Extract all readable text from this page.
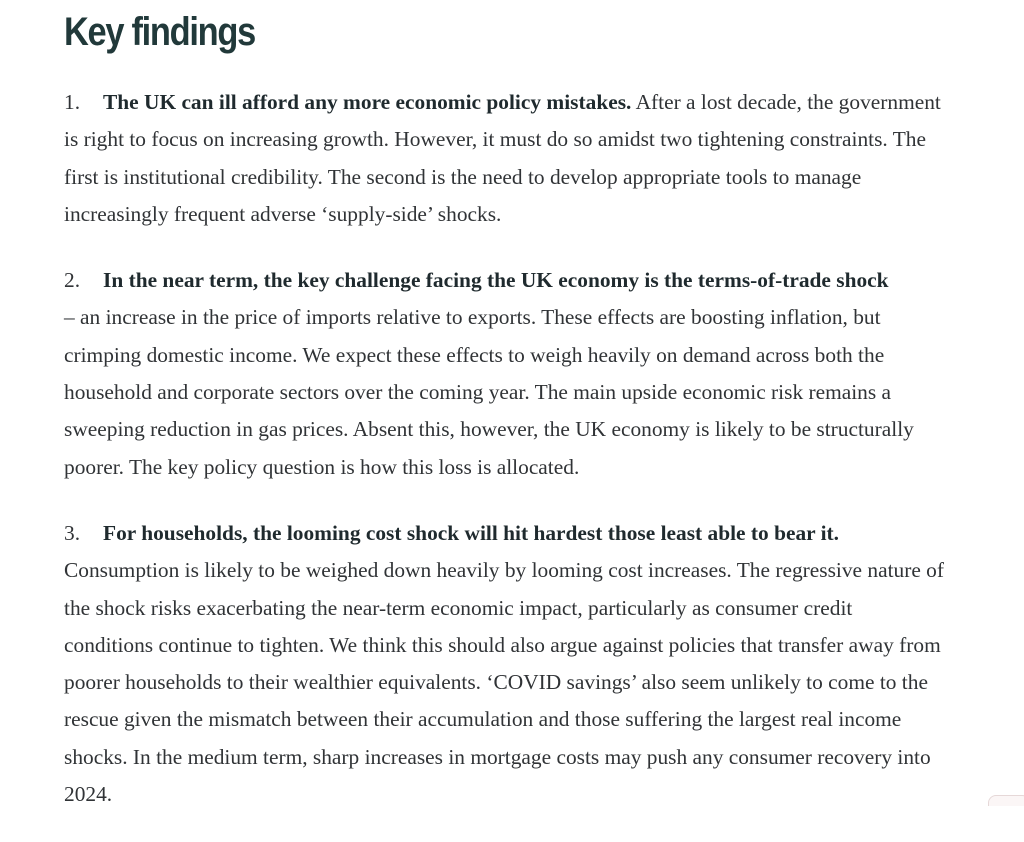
Key findings
1. The UK can ill afford any more economic policy mistakes. After a lost decade, the government is right to focus on increasing growth. However, it must do so amidst two tightening constraints. The first is institutional credibility. The second is the need to develop appropriate tools to manage increasingly frequent adverse ‘supply-side’ shocks.
2. In the near term, the key challenge facing the UK economy is the terms-of-trade shock
– an increase in the price of imports relative to exports. These effects are boosting inflation, but crimping domestic income. We expect these effects to weigh heavily on demand across both the household and corporate sectors over the coming year. The main upside economic risk remains a sweeping reduction in gas prices. Absent this, however, the UK economy is likely to be structurally poorer. The key policy question is how this loss is allocated.
3. For households, the looming cost shock will hit hardest those least able to bear it.
Consumption is likely to be weighed down heavily by looming cost increases. The regressive nature of the shock risks exacerbating the near-term economic impact, particularly as consumer credit conditions continue to tighten. We think this should also argue against policies that transfer away from poorer households to their wealthier equivalents. ‘COVID savings’ also seem unlikely to come to the rescue given the mismatch between their accumulation and those suffering the largest real income shocks. In the medium term, sharp increases in mortgage costs may push any consumer recovery into 2024.
